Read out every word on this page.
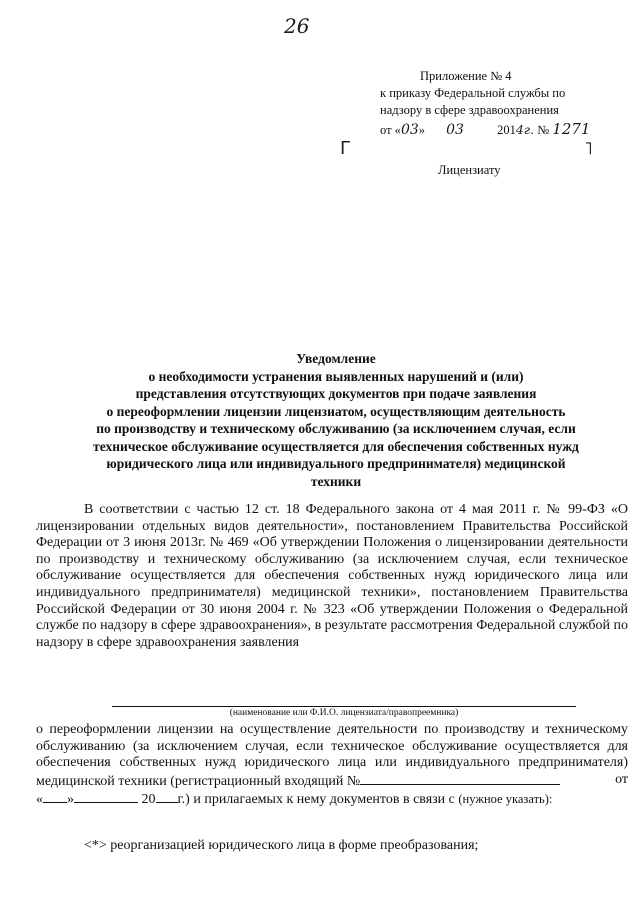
26
Приложение № 4
к приказу Федеральной службы по
надзору в сфере здравоохранения
от «03» 03	2014г. № 1271
Г	˥
Лицензиату
Уведомление
о необходимости устранения выявленных нарушений и (или)
представления отсутствующих документов при подаче заявления
о переоформлении лицензии лицензиатом, осуществляющим деятельность
по производству и техническому обслуживанию (за исключением случая, если
техническое обслуживание осуществляется для обеспечения собственных нужд
юридического лица или индивидуального предпринимателя) медицинской
техники
В соответствии с частью 12 ст. 18 Федерального закона от 4 мая 2011 г. № 99-ФЗ «О лицензировании отдельных видов деятельности», постановлением Правительства Российской Федерации от 3 июня 2013г. № 469 «Об утверждении Положения о лицензировании деятельности по производству и техническому обслуживанию (за исключением случая, если техническое обслуживание осуществляется для обеспечения собственных нужд юридического лица или индивидуального предпринимателя) медицинской техники», постановлением Правительства Российской Федерации от 30 июня 2004 г. № 323 «Об утверждении Положения о Федеральной службе по надзору в сфере здравоохранения», в результате рассмотрения Федеральной службой по надзору в сфере здравоохранения заявления
(наименование или Ф.И.О. лицензиата/правопреемника)
о переоформлении лицензии на осуществление деятельности по производству и техническому обслуживанию (за исключением случая, если техническое обслуживание осуществляется для обеспечения собственных нужд юридического лица или индивидуального предпринимателя) медицинской техники (регистрационный входящий №	от

« »	20 г.) и прилагаемых к нему документов в связи с (нужное указать):
<*> реорганизацией юридического лица в форме преобразования;
